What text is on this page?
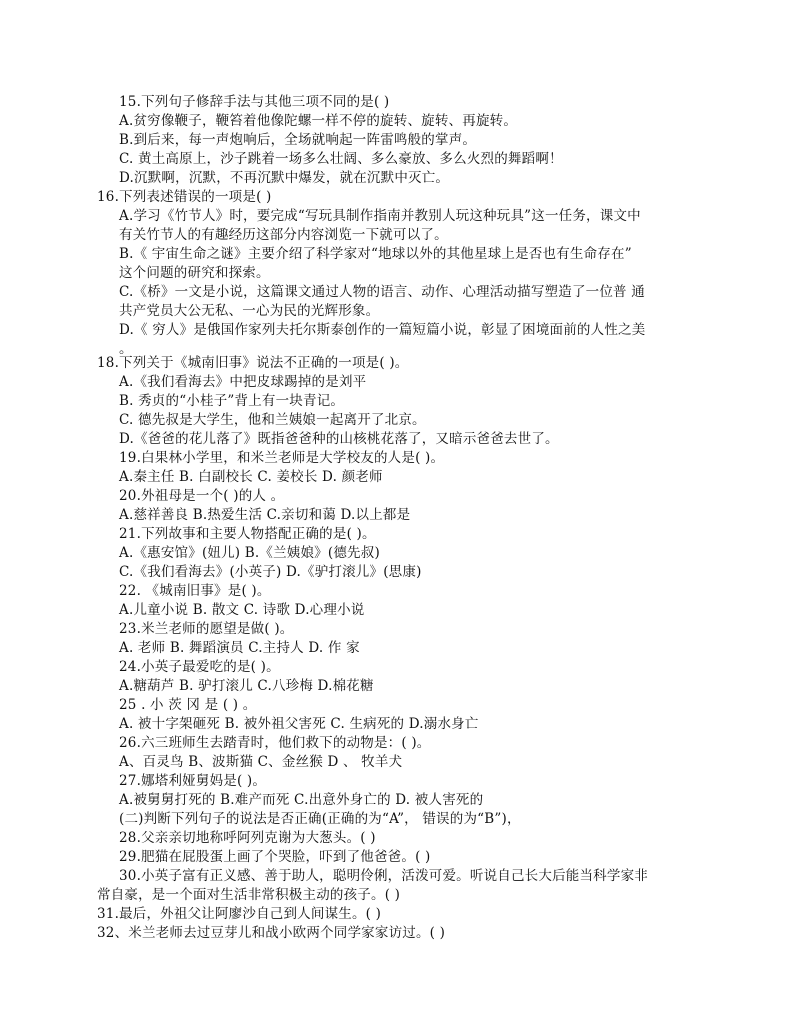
15.下列句子修辞手法与其他三项不同的是( )
A.贫穷像鞭子，鞭笞着他像陀螺一样不停的旋转、旋转、再旋转。
B.到后来，每一声炮响后，全场就响起一阵雷鸣般的掌声。
C. 黄土高原上，沙子跳着一场多么壮阔、多么豪放、多么火烈的舞蹈啊！
D.沉默啊，沉默，不再沉默中爆发，就在沉默中灭亡。
16.下列表述错误的一项是( )
A.学习《竹节人》时，要完成“写玩具制作指南并教别人玩这种玩具”这一任务，课文中
有关竹节人的有趣经历这部分内容浏览一下就可以了。
B.《 宇宙生命之谜》主要介绍了科学家对“地球以外的其他星球上是否也有生命存在”
这个问题的研究和探索。
C.《桥》一文是小说，这篇课文通过人物的语言、动作、心理活动描写塑造了一位普 通
共产党员大公无私、一心为民的光辉形象。
D.《 穷人》是俄国作家列夫托尔斯泰创作的一篇短篇小说，彰显了困境面前的人性之美
。
18.下列关于《城南旧事》说法不正确的一项是( )。
A.《我们看海去》中把皮球踢掉的是刘平
B. 秀贞的“小桂子”背上有一块青记。
C. 德先叔是大学生，他和兰姨娘一起离开了北京。
D.《爸爸的花儿落了》既指爸爸种的山核桃花落了，又暗示爸爸去世了。
19.白果林小学里，和米兰老师是大学校友的人是( )。
A.秦主任 B. 白副校长 C. 姜校长 D. 颜老师
20.外祖母是一个( )的人 。
A.慈祥善良 B.热爱生活 C.亲切和蔼 D.以上都是
21.下列故事和主要人物搭配正确的是( )。
A.《惠安馆》(妞儿) B.《兰姨娘》(德先叔)
C.《我们看海去》(小英子) D.《驴打滚儿》(思康)
22. 《城南旧事》是( )。
A.儿童小说 B. 散文 C. 诗歌 D.心理小说
23.米兰老师的愿望是做( )。
A. 老师 B. 舞蹈演员 C.主持人 D. 作 家
24.小英子最爱吃的是( )。
A.糖葫芦 B. 驴打滚儿 C.八珍梅 D.棉花糖
25 . 小 茨 冈 是 ( ) 。
A. 被十字架砸死 B. 被外祖父害死 C. 生病死的 D.溺水身亡
26.六三班师生去踏青时，他们救下的动物是：( )。
A、百灵鸟 B、波斯猫 C、金丝猴 D 、 牧羊犬
27.娜塔利娅舅妈是( )。
A.被舅舅打死的 B.难产而死 C.出意外身亡的 D. 被人害死的
(二)判断下列句子的说法是否正确(正确的为“A”， 错误的为“B”)，
28.父亲亲切地称呼阿列克谢为大葱头。( )
29.肥猫在屁股蛋上画了个哭脸，吓到了他爸爸。( )
30.小英子富有正义感、善于助人，聪明伶俐，活泼可爱。听说自己长大后能当科学家非
常自豪，是一个面对生活非常积极主动的孩子。( )
31.最后，外祖父让阿廖沙自己到人间谋生。( )
32、米兰老师去过豆芽儿和战小欧两个同学家家访过。( )
